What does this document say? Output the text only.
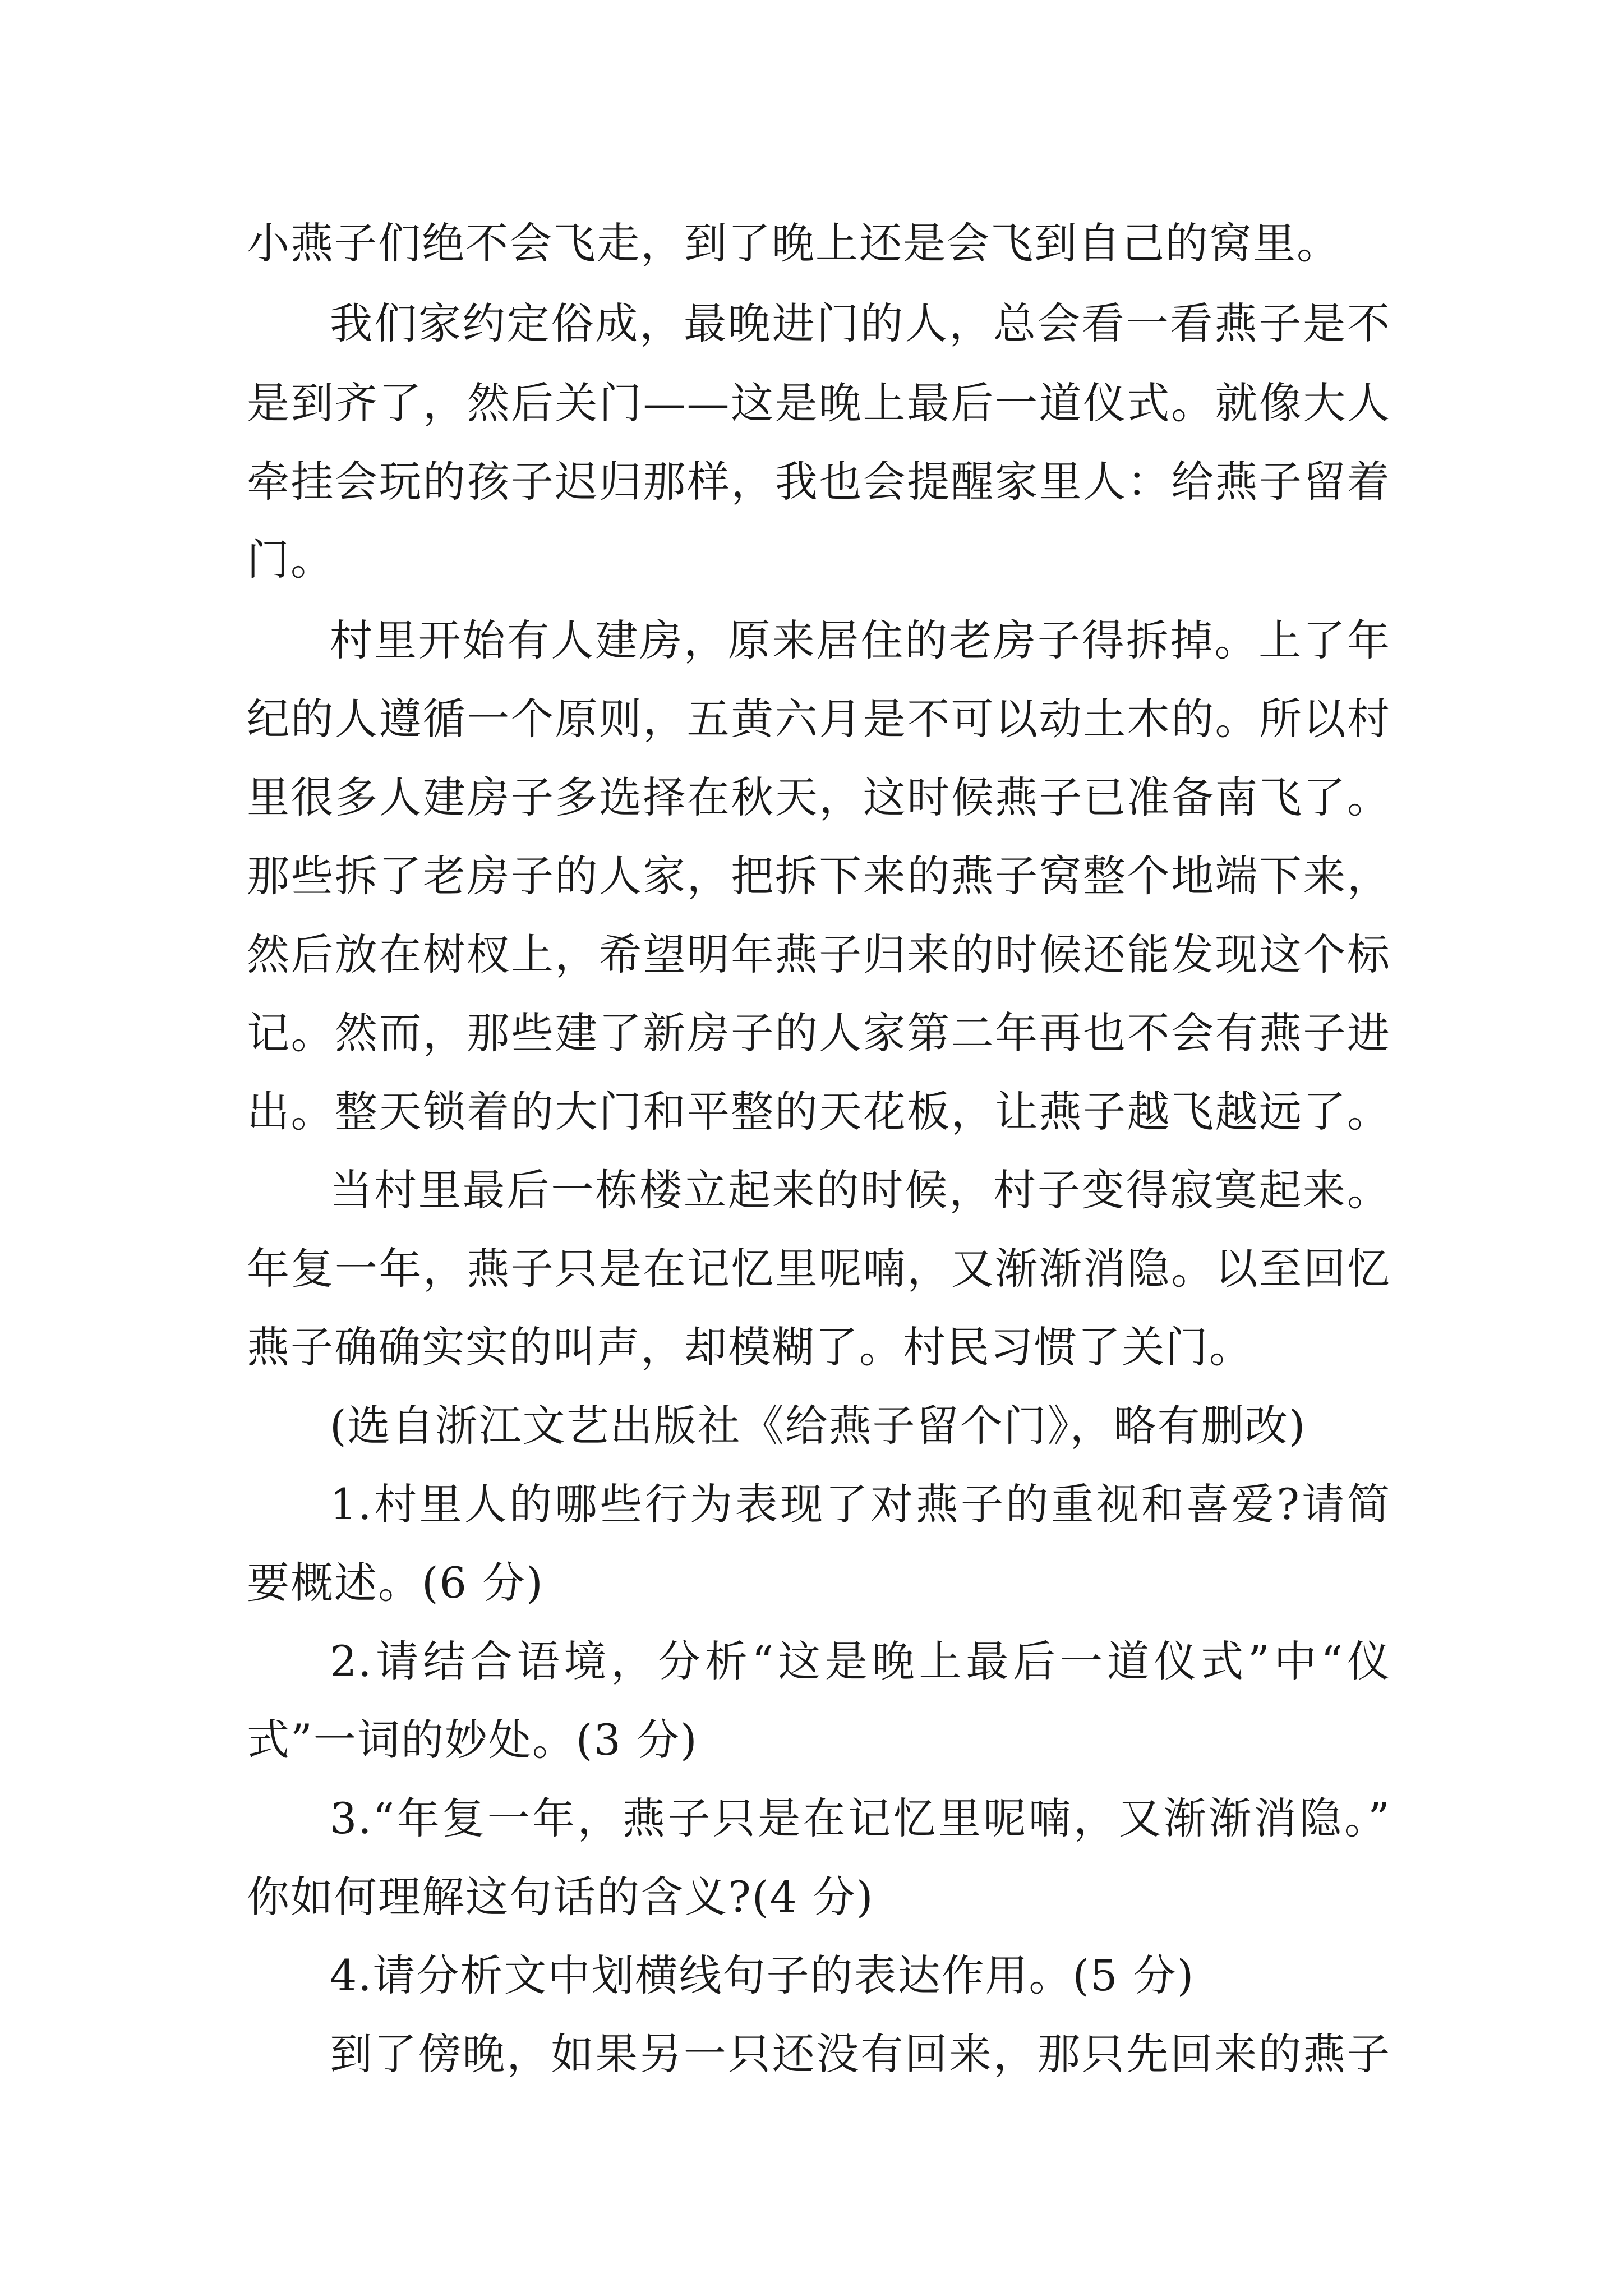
小燕子们绝不会飞走，到了晚上还是会飞到自己的窝里。
我们家约定俗成，最晚进门的人，总会看一看燕子是不
是到齐了，然后关门——这是晚上最后一道仪式。就像大人
牵挂会玩的孩子迟归那样，我也会提醒家里人：给燕子留着
门。
村里开始有人建房，原来居住的老房子得拆掉。上了年
纪的人遵循一个原则，五黄六月是不可以动土木的。所以村
里很多人建房子多选择在秋天，这时候燕子已准备南飞了。
那些拆了老房子的人家，把拆下来的燕子窝整个地端下来，
然后放在树杈上，希望明年燕子归来的时候还能发现这个标
记。然而，那些建了新房子的人家第二年再也不会有燕子进
出。整天锁着的大门和平整的天花板，让燕子越飞越远了。
当村里最后一栋楼立起来的时候，村子变得寂寞起来。
年复一年，燕子只是在记忆里呢喃，又渐渐消隐。以至回忆
燕子确确实实的叫声，却模糊了。村民习惯了关门。
(选自浙江文艺出版社《给燕子留个门》，略有删改)
1.村里人的哪些行为表现了对燕子的重视和喜爱?请简
要概述。(6 分)
2.请结合语境，分析“这是晚上最后一道仪式”中“仪
式”一词的妙处。(3 分)
3.“年复一年，燕子只是在记忆里呢喃，又渐渐消隐。”
你如何理解这句话的含义?(4 分)
4.请分析文中划横线句子的表达作用。(5 分)
到了傍晚，如果另一只还没有回来，那只先回来的燕子
